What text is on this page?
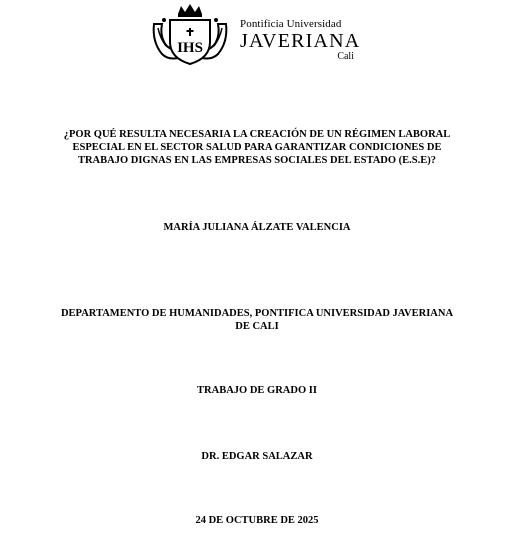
IHS
Pontificia Universidad
JAVERIANA
Cali
¿POR QUÉ RESULTA NECESARIA LA CREACIÓN DE UN RÉGIMEN LABORAL
ESPECIAL EN EL SECTOR SALUD PARA GARANTIZAR CONDICIONES DE
TRABAJO DIGNAS EN LAS EMPRESAS SOCIALES DEL ESTADO (E.S.E)?
MARÍA JULIANA ÁLZATE VALENCIA
DEPARTAMENTO DE HUMANIDADES, PONTIFICA UNIVERSIDAD JAVERIANA
DE CALI
TRABAJO DE GRADO II
DR. EDGAR SALAZAR
24 DE OCTUBRE DE 2025
